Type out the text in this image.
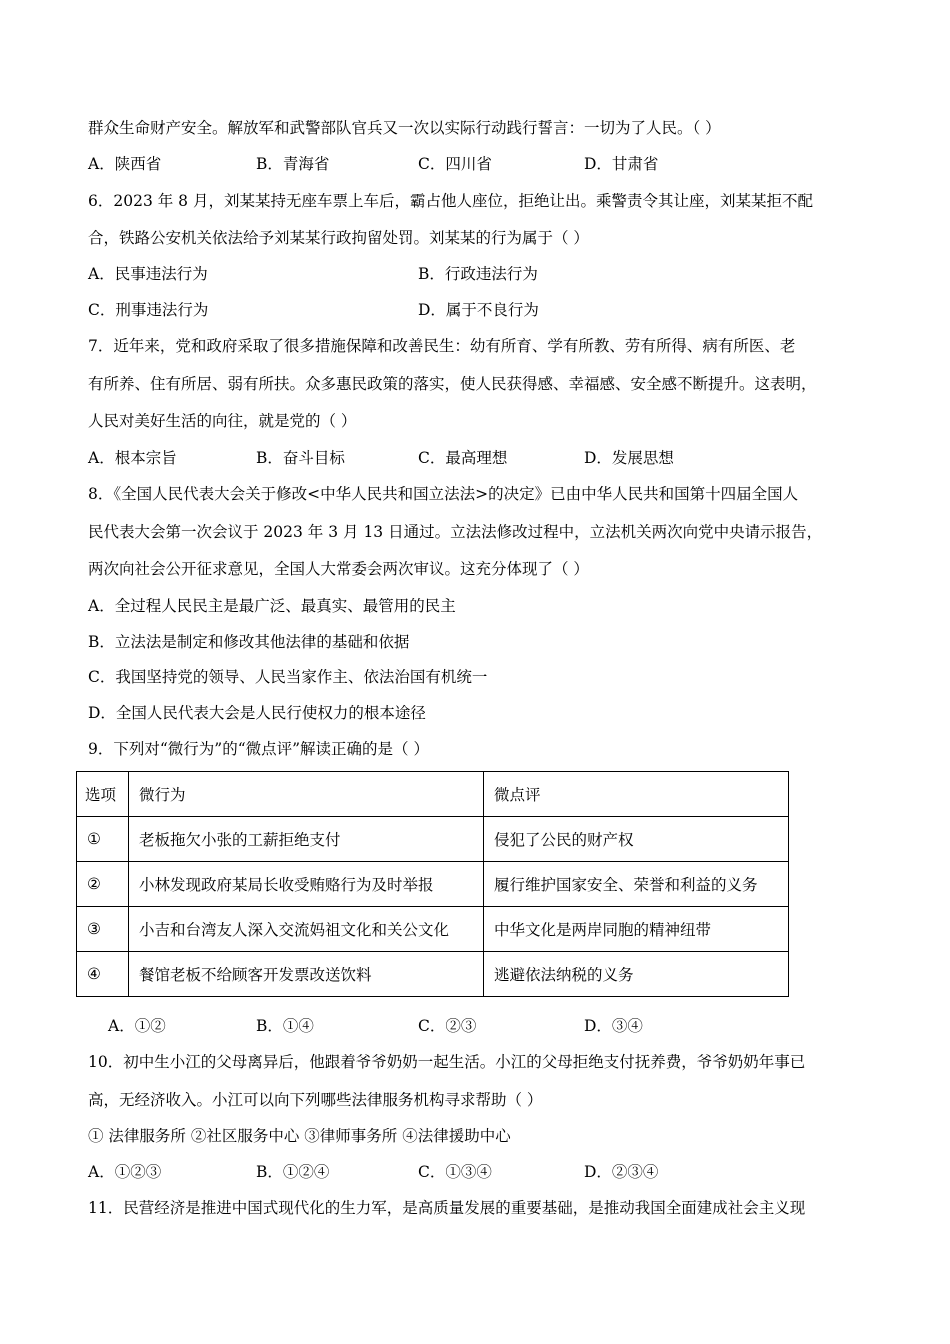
群众生命财产安全。解放军和武警部队官兵又一次以实际行动践行誓言：一切为了人民。（ ）
A．陕西省	B．青海省	C．四川省	D．甘肃省
6．2023 年 8 月，刘某某持无座车票上车后，霸占他人座位，拒绝让出。乘警责令其让座，刘某某拒不配
合，铁路公安机关依法给予刘某某行政拘留处罚。刘某某的行为属于（ ）
A．民事违法行为	B．行政违法行为
C．刑事违法行为	D．属于不良行为
7．近年来，党和政府采取了很多措施保障和改善民生：幼有所育、学有所教、劳有所得、病有所医、老
有所养、住有所居、弱有所扶。众多惠民政策的落实，使人民获得感、幸福感、安全感不断提升。这表明，
人民对美好生活的向往，就是党的（ ）
A．根本宗旨	B．奋斗目标	C．最高理想	D．发展思想
8．《全国人民代表大会关于修改<中华人民共和国立法法>的决定》已由中华人民共和国第十四届全国人
民代表大会第一次会议于 2023 年 3 月 13 日通过。立法法修改过程中，立法机关两次向党中央请示报告，
两次向社会公开征求意见，全国人大常委会两次审议。这充分体现了（ ）
A．全过程人民民主是最广泛、最真实、最管用的民主
B．立法法是制定和修改其他法律的基础和依据
C．我国坚持党的领导、人民当家作主、依法治国有机统一
D．全国人民代表大会是人民行使权力的根本途径
9．下列对“微行为”的“微点评”解读正确的是（ ）
选项	微行为	微点评
①	老板拖欠小张的工薪拒绝支付	侵犯了公民的财产权
②	小林发现政府某局长收受贿赂行为及时举报	履行维护国家安全、荣誉和利益的义务
③	小吉和台湾友人深入交流妈祖文化和关公文化	中华文化是两岸同胞的精神纽带
④	餐馆老板不给顾客开发票改送饮料	逃避依法纳税的义务
A．①②	B．①④	C．②③	D．③④
10．初中生小江的父母离异后，他跟着爷爷奶奶一起生活。小江的父母拒绝支付抚养费，爷爷奶奶年事已
高，无经济收入。小江可以向下列哪些法律服务机构寻求帮助（ ）
① 法律服务所 ②社区服务中心 ③律师事务所 ④法律援助中心
A．①②③	B．①②④	C．①③④	D．②③④
11．民营经济是推进中国式现代化的生力军，是高质量发展的重要基础，是推动我国全面建成社会主义现
